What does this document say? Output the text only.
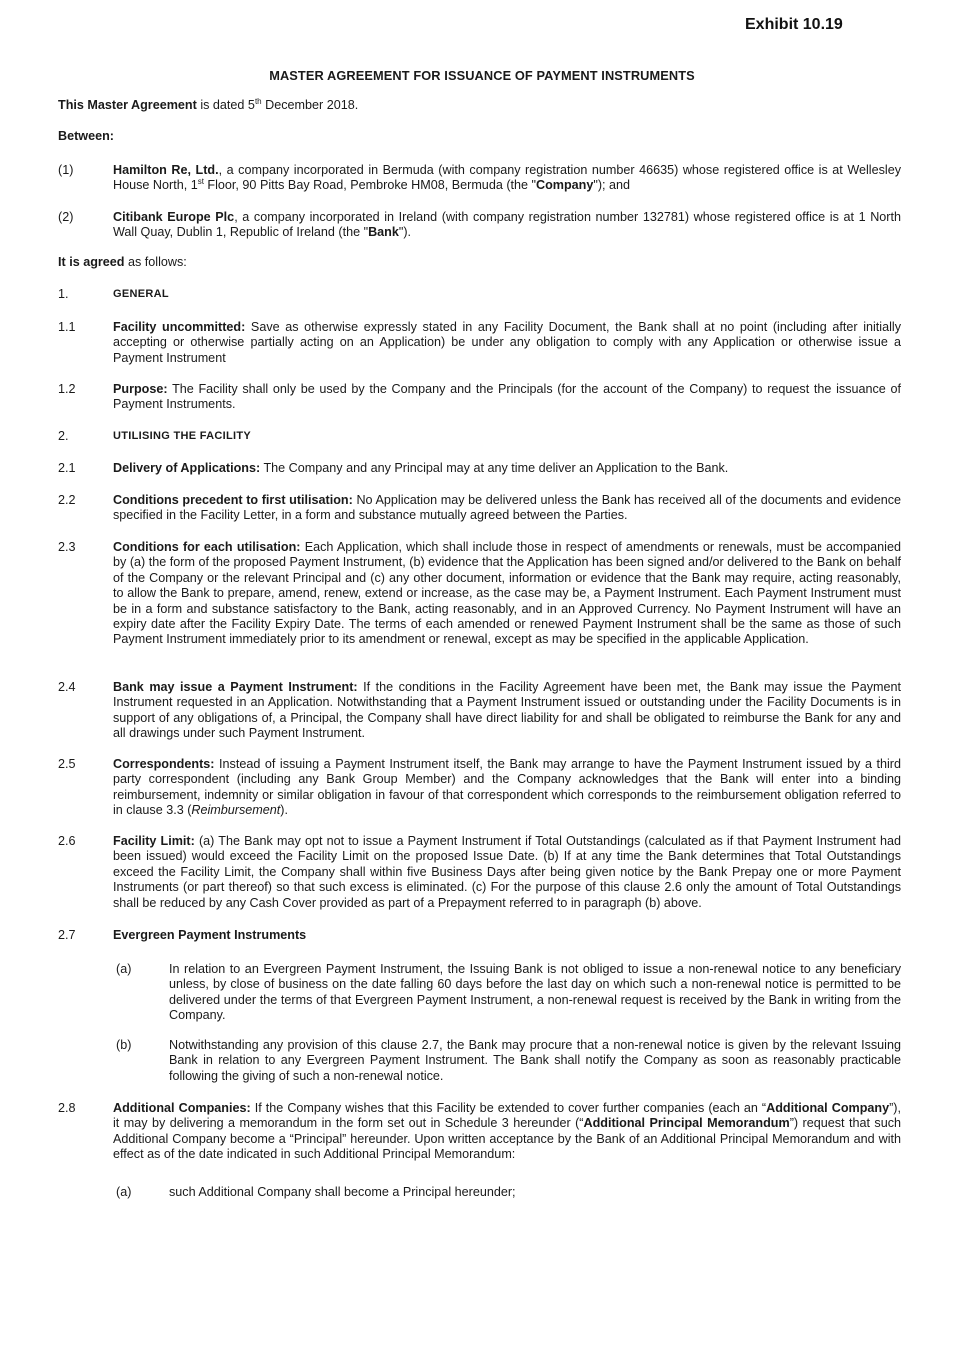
Exhibit 10.19
MASTER AGREEMENT FOR ISSUANCE OF PAYMENT INSTRUMENTS
This Master Agreement is dated 5th December 2018.
Between:
(1)	Hamilton Re, Ltd., a company incorporated in Bermuda (with company registration number 46635) whose registered office is at Wellesley House North, 1st Floor, 90 Pitts Bay Road, Pembroke HM08, Bermuda (the "Company"); and
(2)	Citibank Europe Plc, a company incorporated in Ireland (with company registration number 132781) whose registered office is at 1 North Wall Quay, Dublin 1, Republic of Ireland (the "Bank").
It is agreed as follows:
1.	GENERAL
1.1	Facility uncommitted: Save as otherwise expressly stated in any Facility Document, the Bank shall at no point (including after initially accepting or otherwise partially acting on an Application) be under any obligation to comply with any Application or otherwise issue a Payment Instrument
1.2	Purpose: The Facility shall only be used by the Company and the Principals (for the account of the Company) to request the issuance of Payment Instruments.
2.	UTILISING THE FACILITY
2.1	Delivery of Applications: The Company and any Principal may at any time deliver an Application to the Bank.
2.2	Conditions precedent to first utilisation: No Application may be delivered unless the Bank has received all of the documents and evidence specified in the Facility Letter, in a form and substance mutually agreed between the Parties.
2.3	Conditions for each utilisation: Each Application, which shall include those in respect of amendments or renewals, must be accompanied by (a) the form of the proposed Payment Instrument, (b) evidence that the Application has been signed and/or delivered to the Bank on behalf of the Company or the relevant Principal and (c) any other document, information or evidence that the Bank may require, acting reasonably, to allow the Bank to prepare, amend, renew, extend or increase, as the case may be, a Payment Instrument. Each Payment Instrument must be in a form and substance satisfactory to the Bank, acting reasonably, and in an Approved Currency. No Payment Instrument will have an expiry date after the Facility Expiry Date. The terms of each amended or renewed Payment Instrument shall be the same as those of such Payment Instrument immediately prior to its amendment or renewal, except as may be specified in the applicable Application.
2.4	Bank may issue a Payment Instrument: If the conditions in the Facility Agreement have been met, the Bank may issue the Payment Instrument requested in an Application. Notwithstanding that a Payment Instrument issued or outstanding under the Facility Documents is in support of any obligations of, a Principal, the Company shall have direct liability for and shall be obligated to reimburse the Bank for any and all drawings under such Payment Instrument.
2.5	Correspondents: Instead of issuing a Payment Instrument itself, the Bank may arrange to have the Payment Instrument issued by a third party correspondent (including any Bank Group Member) and the Company acknowledges that the Bank will enter into a binding reimbursement, indemnity or similar obligation in favour of that correspondent which corresponds to the reimbursement obligation referred to in clause 3.3 (Reimbursement).
2.6	Facility Limit: (a) The Bank may opt not to issue a Payment Instrument if Total Outstandings (calculated as if that Payment Instrument had been issued) would exceed the Facility Limit on the proposed Issue Date. (b) If at any time the Bank determines that Total Outstandings exceed the Facility Limit, the Company shall within five Business Days after being given notice by the Bank Prepay one or more Payment Instruments (or part thereof) so that such excess is eliminated. (c) For the purpose of this clause 2.6 only the amount of Total Outstandings shall be reduced by any Cash Cover provided as part of a Prepayment referred to in paragraph (b) above.
2.7	Evergreen Payment Instruments
(a)	In relation to an Evergreen Payment Instrument, the Issuing Bank is not obliged to issue a non-renewal notice to any beneficiary unless, by close of business on the date falling 60 days before the last day on which such a non-renewal notice is permitted to be delivered under the terms of that Evergreen Payment Instrument, a non-renewal request is received by the Bank in writing from the Company.
(b)	Notwithstanding any provision of this clause 2.7, the Bank may procure that a non-renewal notice is given by the relevant Issuing Bank in relation to any Evergreen Payment Instrument. The Bank shall notify the Company as soon as reasonably practicable following the giving of such a non-renewal notice.
2.8	Additional Companies: If the Company wishes that this Facility be extended to cover further companies (each an “Additional Company”), it may by delivering a memorandum in the form set out in Schedule 3 hereunder (“Additional Principal Memorandum”) request that such Additional Company become a “Principal” hereunder. Upon written acceptance by the Bank of an Additional Principal Memorandum and with effect as of the date indicated in such Additional Principal Memorandum:
(a)	such Additional Company shall become a Principal hereunder;
